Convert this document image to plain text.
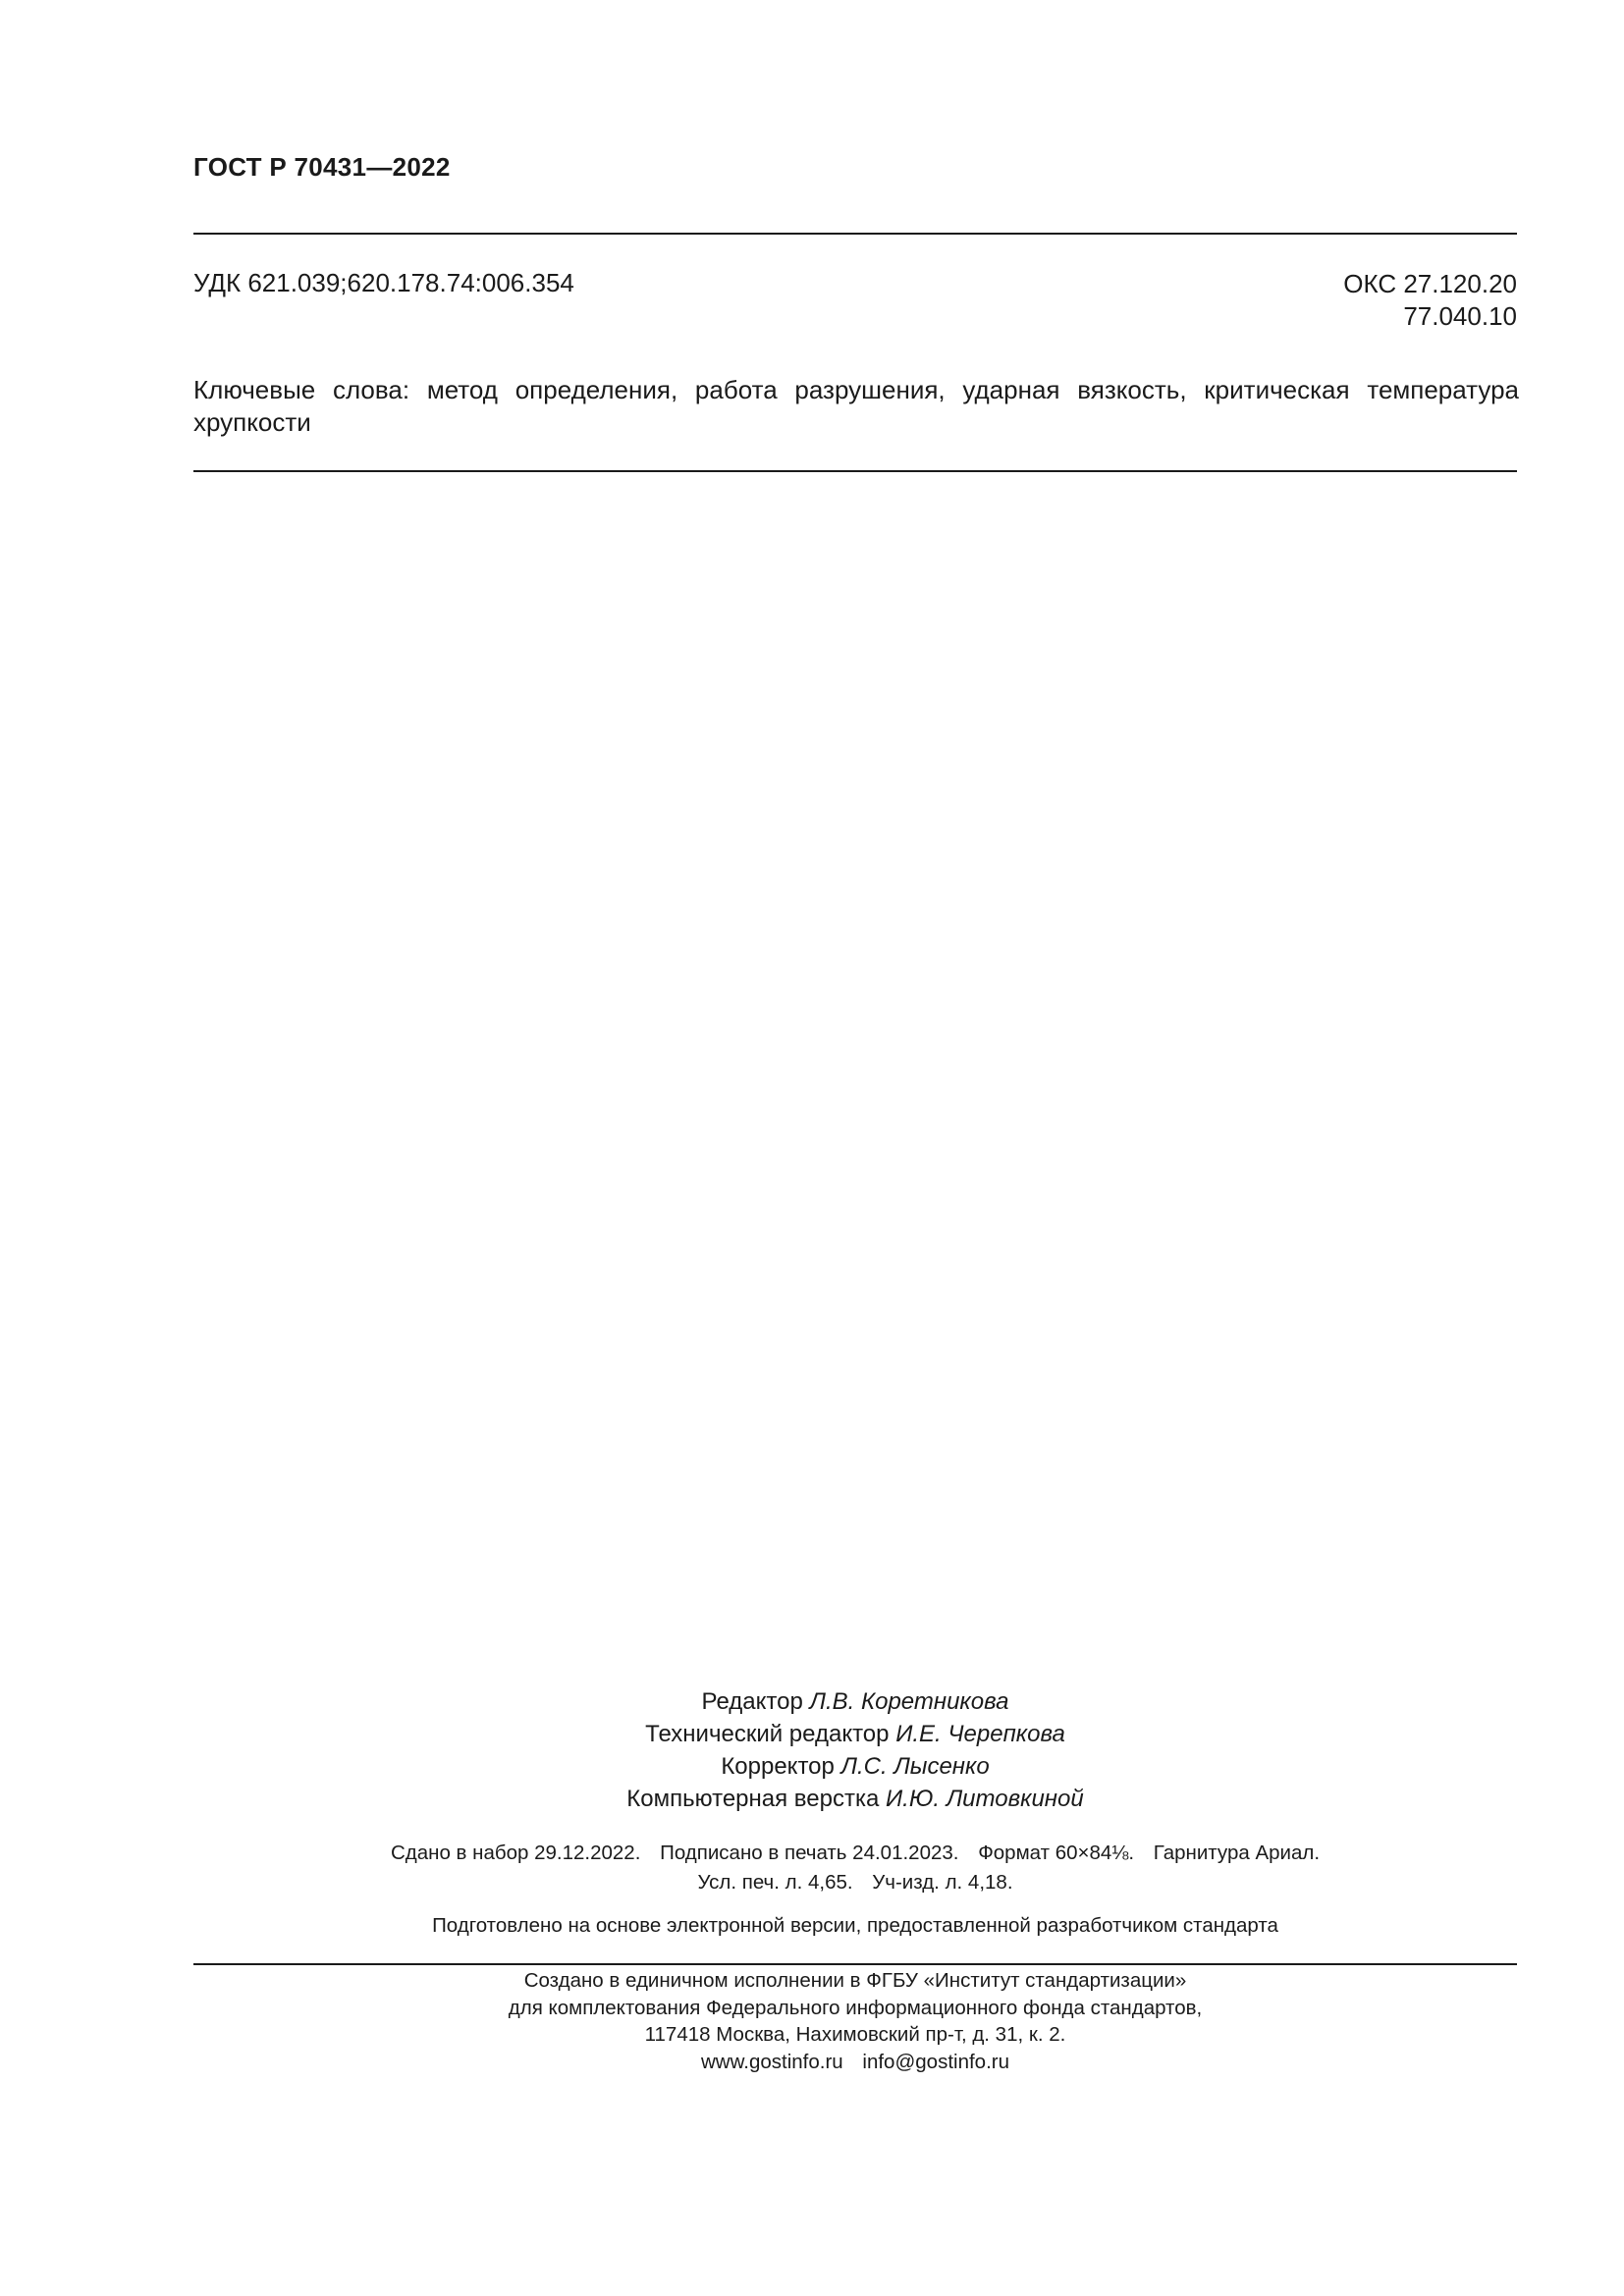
ГОСТ Р 70431—2022
УДК 621.039;620.178.74:006.354	ОКС 27.120.20
77.040.10

Ключевые слова: метод определения, работа разрушения, ударная вязкость, критическая температура хрупкости

Редактор Л.В. Коретникова
Технический редактор И.Е. Черепкова
Корректор Л.С. Лысенко
Компьютерная верстка И.Ю. Литовкиной
Сдано в набор 29.12.2022. Подписано в печать 24.01.2023. Формат 60×84⅛. Гарнитура Ариал.
Усл. печ. л. 4,65. Уч-изд. л. 4,18.
Подготовлено на основе электронной версии, предоставленной разработчиком стандарта
Создано в единичном исполнении в ФГБУ «Институт стандартизации»
для комплектования Федерального информационного фонда стандартов,
117418 Москва, Нахимовский пр-т, д. 31, к. 2.
www.gostinfo.ru info@gostinfo.ru
